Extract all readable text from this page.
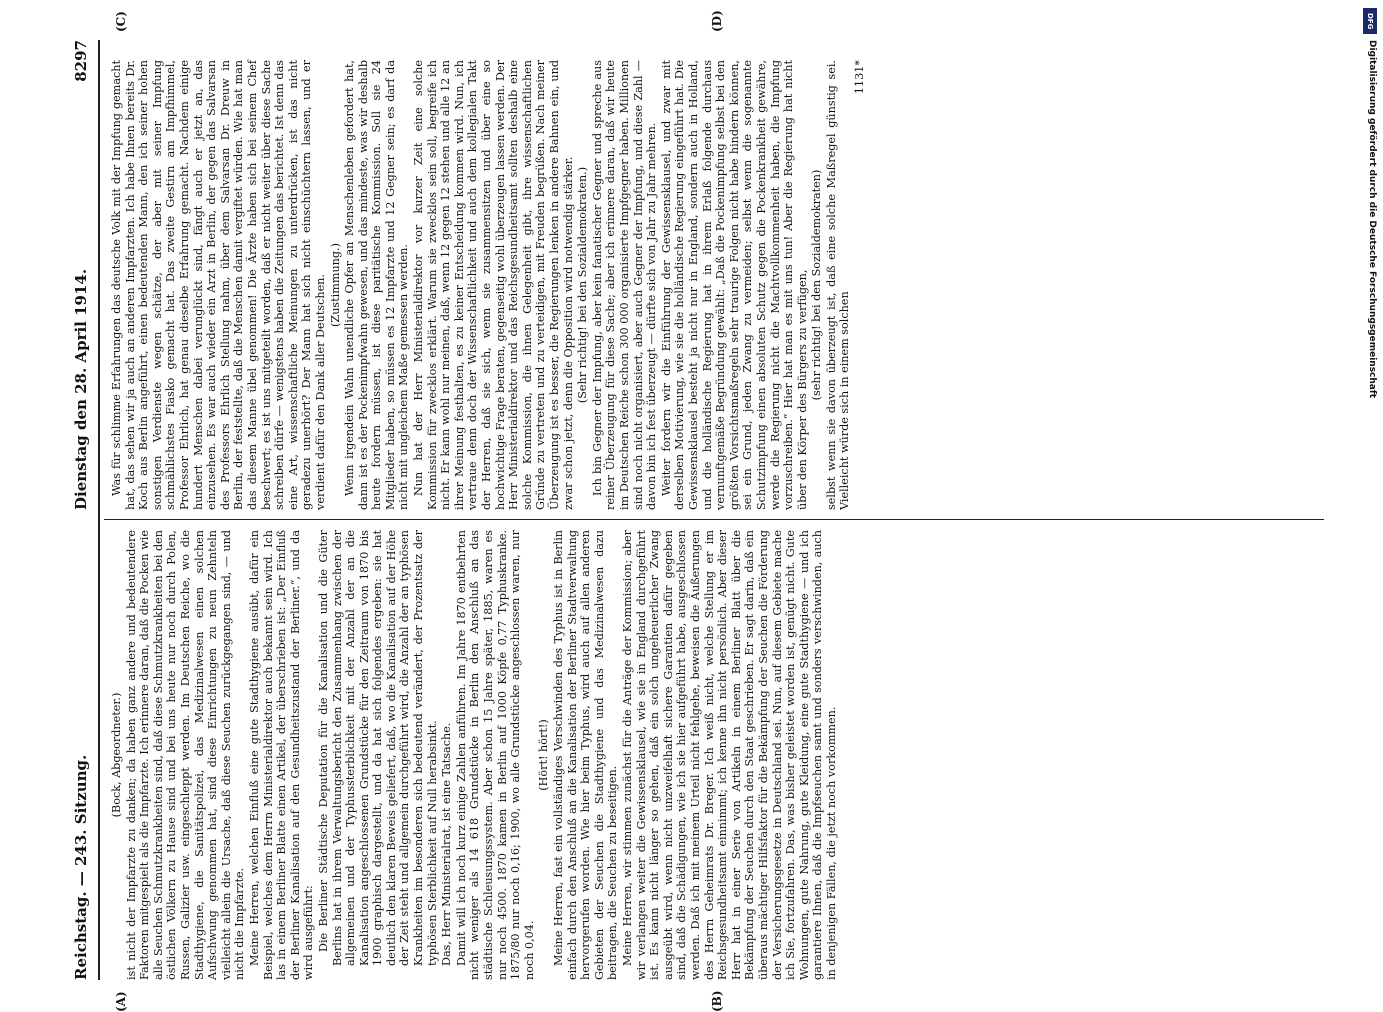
Reichstag. — 243. Sitzung.
Dienstag den 28. April 1914.
8297
(A)	(B)
(C)	(D)

(Bock, Abgeordneter.) ist nicht der Impfarzte zu danken; da haben ganz andere und bedeutendere Faktoren mitgespielt als die Impfarzte. Ich erinnere daran, daß die Pocken wie alle Seuchen Schmutzkrankheiten sind, daß diese Schmutzkrankheiten bei den östlichen Völkern zu Hause sind und bei uns heute nur noch durch Polen, Russen, Galizier usw. eingeschleppt werden. Im Deutschen Reiche, wo die Stadthygiene, die Sanitätspolizei, das Medizinalwesen einen solchen Aufschwung genommen hat, sind diese Einrichtungen zu neun Zehnteln vielleicht allein die Ursache, daß diese Seuchen zurückgegangen sind, — und nicht die Impfarzte. Meine Herren, welchen Einfluß eine gute Stadthygiene ausübt, dafür ein Beispiel, welches dem Herrn Ministerialdirektor auch bekannt sein wird. Ich las in einem Berliner Blatte einen Artikel, der überschrieben ist: „Der Einfluß der Berliner Kanalisation auf den Gesundheitszustand der Berliner.“, und da wird ausgeführt: Die Berliner Städtische Deputation für die Kanalisation und die Güter Berlins hat in ihrem Verwaltungsbericht den Zusammenhang zwischen der allgemeinen und der Typhussterblichkeit mit der Anzahl der an die Kanalisation angeschlossenen Grundstücke für den Zeitraum von 1870 bis 1900 graphisch dargestellt, und da hat sich folgendes ergeben: sie hat deutlich den klaren Beweis geliefert, daß, wo die Kanalisation auf der Höhe der Zeit steht und allgemein durchgeführt wird, die Anzahl der an typhösen Krankheiten im besonderen sich bedeutend verändert, der Prozentsatz der typhösen Sterblichkeit auf Null herabsinkt. Das, Herr Ministerialrat, ist eine Tatsache. Damit will ich noch kurz einige Zahlen anführen. Im Jahre 1870 entbehrten nicht weniger als 14 618 Grundstücke in Berlin den Anschluß an das städtische Schleusungssystem. Aber schon 15 Jahre später, 1885, waren es nur noch 4500. 1870 kamen in Berlin auf 1000 Köpfe 0,77 Typhuskranke. 1875/80 nur noch 0,16; 1900, wo alle Grundstücke angeschlossen waren, nur noch 0,04.

(Hört! hört!) Meine Herren, fast ein vollständiges Verschwinden des Typhus ist in Berlin einfach durch den Anschluß an die Kanalisation der Berliner Stadtverwaltung hervorgerufen worden. Wie hier beim Typhus, wird auch auf allen anderen Gebieten der Seuchen die Stadthygiene und das Medizinalwesen dazu beitragen, die Seuchen zu beseitigen. Meine Herren, wir stimmen zunächst für die Anträge der Kommission; aber wir verlangen weiter die Gewissensklausel, wie sie in England durchgeführt ist. Es kann nicht länger so gehen, daß ein solch ungeheuerlicher Zwang ausgeübt wird, wenn nicht unzweifelhaft sichere Garantien dafür gegeben sind, daß die Schädigungen, wie ich sie hier aufgeführt habe, ausgeschlossen werden. Daß ich mit meinem Urteil nicht fehlgehe, beweisen die Äußerungen des Herrn Geheimrats Dr. Breger. Ich weiß nicht, welche Stellung er im Reichsgesundheitsamt einnimmt; ich kenne ihn nicht persönlich. Aber dieser Herr hat in einer Serie von Artikeln in einem Berliner Blatt über die Bekämpfung der Seuchen durch den Staat geschrieben. Er sagt darin, daß ein überaus mächtiger Hilfsfaktor für die Bekämpfung der Seuchen die Förderung der Versicherungsgesetze in Deutschland sei. Nun, auf diesem Gebiete mache ich Sie, fortzufahren. Das, was bisher geleistet worden ist, genügt nicht. Gute Wohnungen, gute Nahrung, gute Kleidung, eine gute Stadthygiene — und ich garantiere Ihnen, daß die Impfseuchen samt und sonders verschwinden, auch in denjenigen Fällen, die jetzt noch vorkommen.

Was für schlimme Erfahrungen das deutsche Volk mit der Impfung gemacht hat, das sehen wir ja auch an anderen Impfarzten. Ich habe Ihnen bereits Dr. Koch aus Berlin angeführt, einen bedeutenden Mann, den ich seiner hohen sonstigen Verdienste wegen schätze, der aber mit seiner Impfung schmählichstes Fiasko gemacht hat. Das zweite Gestirn am Impfhimmel, Professor Ehrlich, hat genau dieselbe Erfahrung gemacht. Nachdem einige hundert Menschen dabei verunglückt sind, fängt auch er jetzt an, das einzusehen. Es war auch wieder ein Arzt in Berlin, der gegen das Salvarsan des Professors Ehrlich Stellung nahm, über dem Salvarsan Dr. Dreuw in Berlin, der feststellte, daß die Menschen damit vergiftet würden. Wie hat man das diesem Manne übel genommen! Die Ärzte haben sich bei seinem Chef beschwert; es ist uns mitgeteilt worden, daß er nicht weiter über diese Sache schreiben dürfe — wenigstens haben die Zeitungen das berichtet. Ist denn das eine Art, wissenschaftliche Meinungen zu unterdrücken, ist das nicht geradezu unerhört? Der Mann hat sich nicht einschüchtern lassen, und er verdient dafür den Dank aller Deutschen. (Zustimmung.) Wenn irgendein Wahn unendliche Opfer an Menschenleben gefordert hat, dann ist es der Pockenimpfwahn gewesen, und das mindeste, was wir deshalb heute fordern müssen, ist diese paritätische Kommission. Soll sie 24 Mitglieder haben, so müssen es 12 Impfarzte und 12 Gegner sein; es darf da nicht mit ungleichem Maße gemessen werden. Nun hat der Herr Ministerialdirektor vor kurzer Zeit eine solche Kommission für zwecklos erklärt. Warum sie zwecklos sein soll, begreife ich nicht. Er kann wohl nur meinen, daß, wenn 12 gegen 12 stehen und alle 12 an ihrer Meinung festhalten, es zu keiner Entscheidung kommen wird. Nun, ich vertraue denn doch der Wissenschaftlichkeit und auch dem kollegialen Takt der Herren, daß sie sich, wenn sie zusammensitzen und über eine so hochwichtige Frage beraten, gegenseitig wohl überzeugen lassen werden. Der Herr Ministerialdirektor und das Reichsgesundheitsamt sollten deshalb eine solche Kommission, die ihnen Gelegenheit gibt, ihre wissenschaftlichen Gründe zu vertreten und zu verteidigen, mit Freuden begrüßen. Nach meiner Überzeugung ist es besser, die Regierungen lenken in andere Bahnen ein, und zwar schon jetzt, denn die Opposition wird notwendig stärker. (Sehr richtig! bei den Sozialdemokraten.) Ich bin Gegner der Impfung, aber kein fanatischer Gegner und spreche aus reiner Überzeugung für diese Sache; aber ich erinnere daran, daß wir heute im Deutschen Reiche schon 300 000 organisierte Impfgegner haben. Millionen sind noch nicht organisiert, aber auch Gegner der Impfung, und diese Zahl — davon bin ich fest überzeugt — dürfte sich von Jahr zu Jahr mehren. Weiter fordern wir die Einführung der Gewissensklausel, und zwar mit derselben Motivierung, wie sie die holländische Regierung eingeführt hat. Die Gewissensklausel besteht ja nicht nur in England, sondern auch in Holland, und die holländische Regierung hat in ihrem Erlaß folgende durchaus vernunftgemäße Begründung gewählt: „Daß die Pockenimpfung selbst bei den größten Vorsichtsmaßregeln sehr traurige Folgen nicht habe hindern können, sei ein Grund, jeden Zwang zu vermeiden; selbst wenn die sogenannte Schutzimpfung einen absoluten Schutz gegen die Pockenkrankheit gewähre, werde die Regierung nicht die Machtvollkommenheit haben, die Impfung vorzuschreiben.“ Hier hat man es mit uns tun! Aber die Regierung hat nicht über den Körper des Bürgers zu verfügen, (sehr richtig! bei den Sozialdemokraten) selbst wenn sie davon überzeugt ist, daß eine solche Maßregel günstig sei. Vielleicht würde sich in einem solchen

1131*

DFG
Digitalisierung gefördert durch die Deutsche Forschungsgemeinschaft
